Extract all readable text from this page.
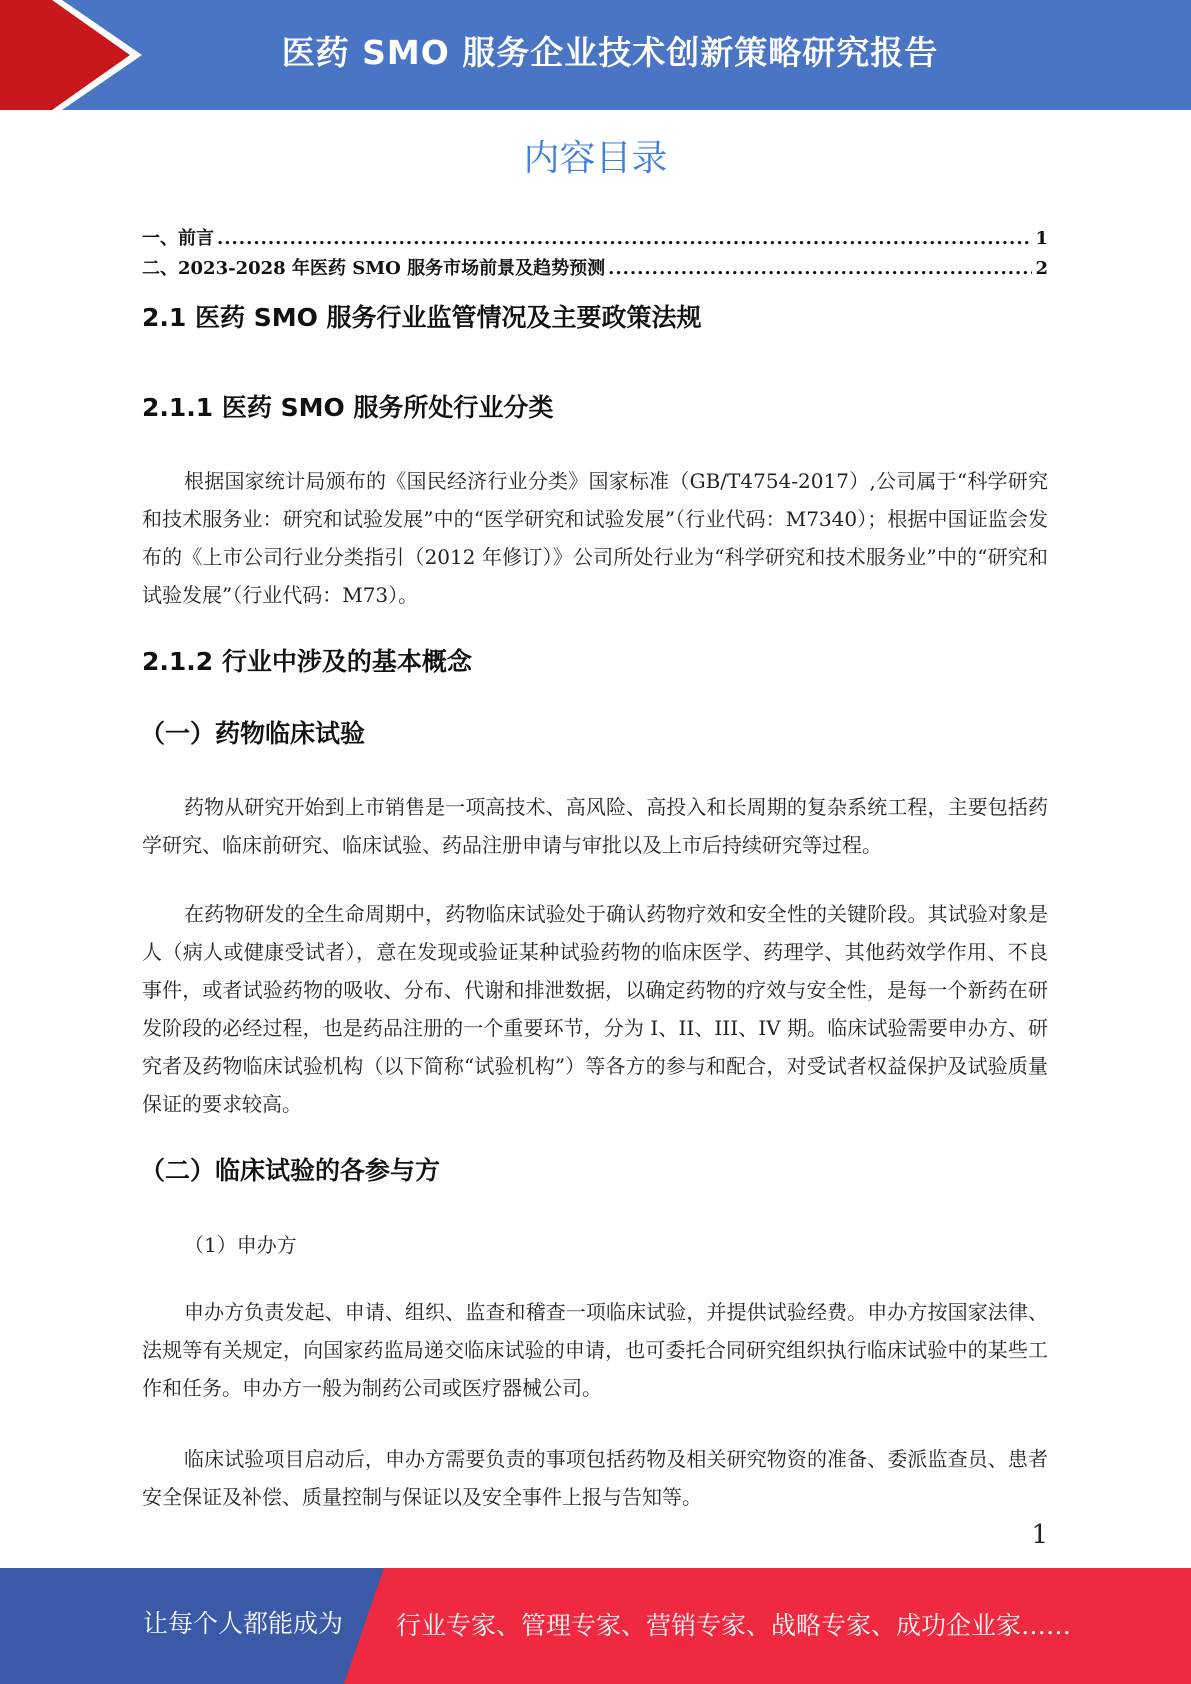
医药 SMO 服务企业技术创新策略研究报告
内容目录
一、前言 .....	1
二、2023-2028 年医药 SMO 服务市场前景及趋势预测 .....	2
2.1 医药 SMO 服务行业监管情况及主要政策法规
2.1.1 医药 SMO 服务所处行业分类
根据国家统计局颁布的《国民经济行业分类》国家标准（GB/T4754-2017）,公司属于“科学研究和技术服务业：研究和试验发展”中的“医学研究和试验发展”（行业代码：M7340）；根据中国证监会发布的《上市公司行业分类指引（2012 年修订）》公司所处行业为“科学研究和技术服务业”中的“研究和试验发展”（行业代码：M73）。
2.1.2 行业中涉及的基本概念
（一）药物临床试验
药物从研究开始到上市销售是一项高技术、高风险、高投入和长周期的复杂系统工程，主要包括药学研究、临床前研究、临床试验、药品注册申请与审批以及上市后持续研究等过程。
在药物研发的全生命周期中，药物临床试验处于确认药物疗效和安全性的关键阶段。其试验对象是人（病人或健康受试者），意在发现或验证某种试验药物的临床医学、药理学、其他药效学作用、不良事件，或者试验药物的吸收、分布、代谢和排泄数据，以确定药物的疗效与安全性，是每一个新药在研发阶段的必经过程，也是药品注册的一个重要环节，分为 I、II、III、IV 期。临床试验需要申办方、研究者及药物临床试验机构（以下简称“试验机构”）等各方的参与和配合，对受试者权益保护及试验质量保证的要求较高。
（二）临床试验的各参与方
（1）申办方
申办方负责发起、申请、组织、监查和稽查一项临床试验，并提供试验经费。申办方按国家法律、法规等有关规定，向国家药监局递交临床试验的申请，也可委托合同研究组织执行临床试验中的某些工作和任务。申办方一般为制药公司或医疗器械公司。
临床试验项目启动后，申办方需要负责的事项包括药物及相关研究物资的准备、委派监查员、患者安全保证及补偿、质量控制与保证以及安全事件上报与告知等。
1
让每个人都能成为 行业专家、管理专家、营销专家、战略专家、成功企业家……
